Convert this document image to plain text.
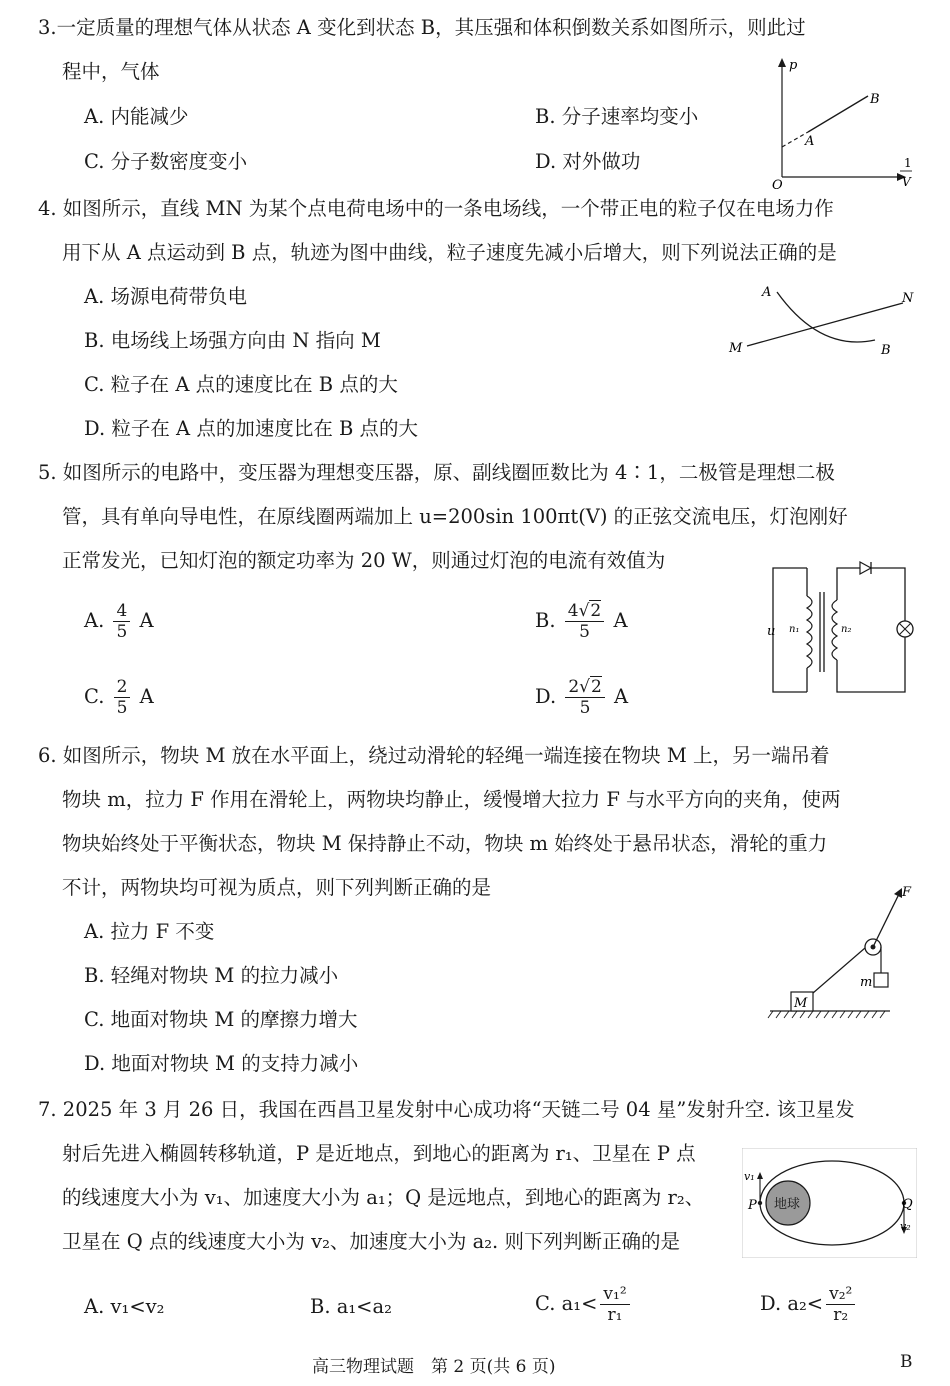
3.一定质量的理想气体从状态 A 变化到状态 B，其压强和体积倒数关系如图所示，则此过
程中，气体
A. 内能减少	B. 分子速率均变小
C. 分子数密度变小	D. 对外做功
p
O
A
B
1
V
4. 如图所示，直线 MN 为某个点电荷电场中的一条电场线，一个带正电的粒子仅在电场力作
用下从 A 点运动到 B 点，轨迹为图中曲线，粒子速度先减小后增大，则下列说法正确的是
A. 场源电荷带负电
B. 电场线上场强方向由 N 指向 M
C. 粒子在 A 点的速度比在 B 点的大
D. 粒子在 A 点的加速度比在 B 点的大
A
B
M
N
5. 如图所示的电路中，变压器为理想变压器，原、副线圈匝数比为 4∶1，二极管是理想二极
管，具有单向导电性，在原线圈两端加上 u=200sin 100πt(V) 的正弦交流电压，灯泡刚好
正常发光，已知灯泡的额定功率为 20 W，则通过灯泡的电流有效值为
A. $\frac{4}{5}$ A	B. $\frac{4√2}{5}$ A
C. $\frac{2}{5}$ A	D. $\frac{2√2}{5}$ A
u n₁	n₂
6. 如图所示，物块 M 放在水平面上，绕过动滑轮的轻绳一端连接在物块 M 上，另一端吊着
物块 m，拉力 F 作用在滑轮上，两物块均静止，缓慢增大拉力 F 与水平方向的夹角，使两
物块始终处于平衡状态，物块 M 保持静止不动，物块 m 始终处于悬吊状态，滑轮的重力
不计，两物块均可视为质点，则下列判断正确的是
A. 拉力 F 不变
B. 轻绳对物块 M 的拉力减小
C. 地面对物块 M 的摩擦力增大
D. 地面对物块 M 的支持力减小
F
m
M
7. 2025 年 3 月 26 日，我国在西昌卫星发射中心成功将“天链二号 04 星”发射升空. 该卫星发
射后先进入椭圆转移轨道，P 是近地点，到地心的距离为 r₁、卫星在 P 点
的线速度大小为 v₁、加速度大小为 a₁；Q 是远地点，到地心的距离为 r₂、
卫星在 Q 点的线速度大小为 v₂、加速度大小为 a₂. 则下列判断正确的是
A. v₁<v₂	B. a₁<a₂	C. $a_1< \frac{\text{v₁²}}{\text{r₁}}$	D. $a_2< \frac{\text{v₂²}}{\text{r₂}}$
地球
P	Q
v₁
v₂
高三物理试题　第 2 页(共 6 页)	B
